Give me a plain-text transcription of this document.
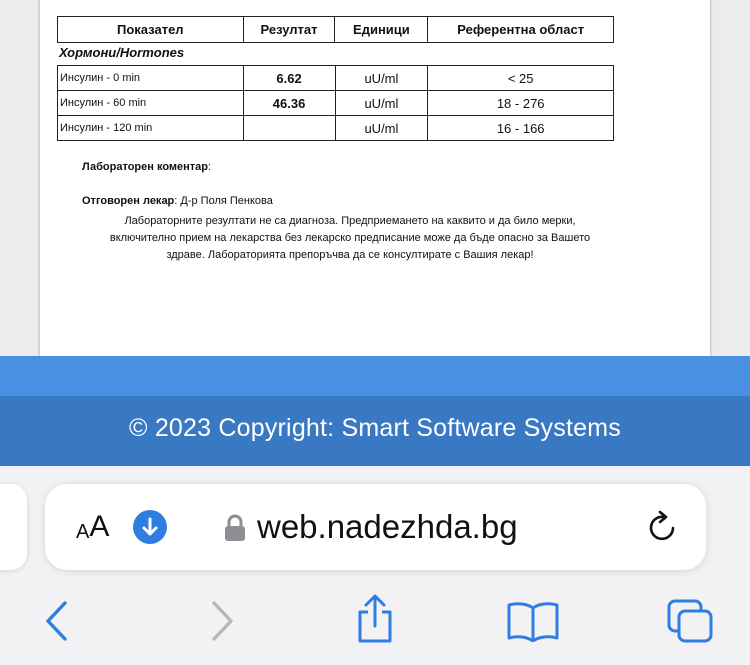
Показател	Резултат	Единици	Референтна област
Хормони/Hormones
Инсулин - 0 min	6.62	uU/ml	< 25
Инсулин - 60 min	46.36	uU/ml	18 - 276
Инсулин - 120 min		uU/ml	16 - 166
Лабораторен коментар:
Отговорен лекар: Д-р Поля Пенкова
Лабораторните резултати не са диагноза. Предприемането на каквито и да било мерки,
включително прием на лекарства без лекарско предписание може да бъде опасно за Вашето
здраве. Лабораторията препоръчва да се консултирате с Вашия лекар!
© 2023 Copyright: Smart Software Systems
AA	web.nadezhda.bg
